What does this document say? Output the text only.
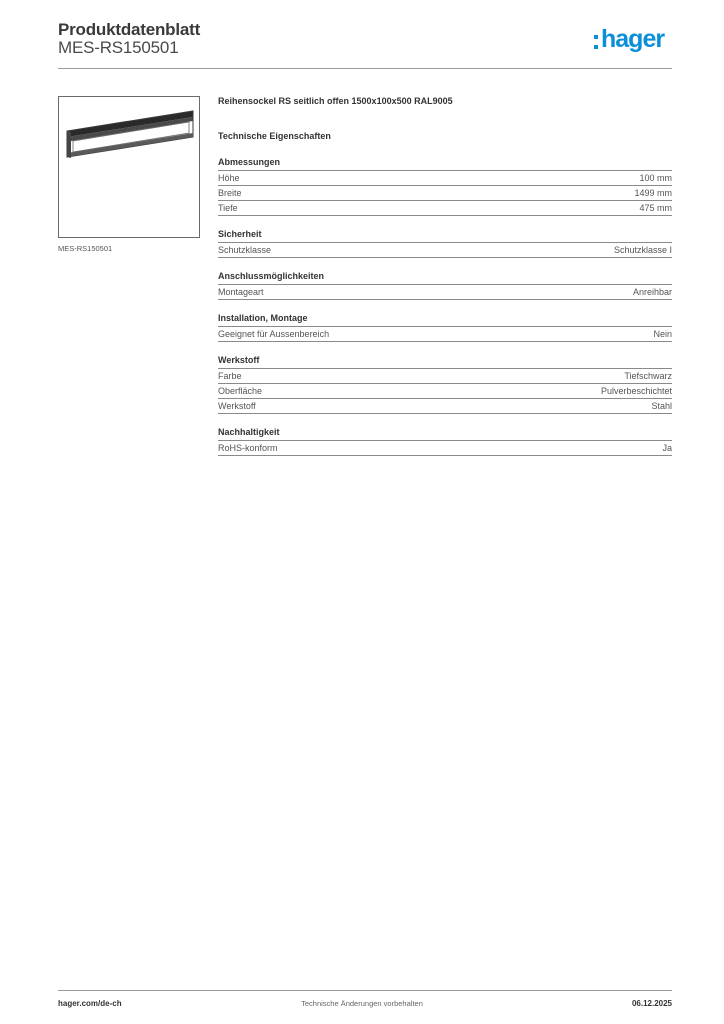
Produktdatenblatt
MES-RS150501	hager
MES-RS150501
Reihensockel RS seitlich offen 1500x100x500 RAL9005
Technische Eigenschaften
Abmessungen
Höhe	100 mm
Breite	1499 mm
Tiefe	475 mm
Sicherheit
Schutzklasse	Schutzklasse I
Anschlussmöglichkeiten
Montageart	Anreihbar
Installation, Montage
Geeignet für Aussenbereich	Nein
Werkstoff
Farbe	Tiefschwarz
Oberfläche	Pulverbeschichtet
Werkstoff	Stahl
Nachhaltigkeit
RoHS-konform	Ja
hager.com/de-ch	Technische Änderungen vorbehalten	06.12.2025
